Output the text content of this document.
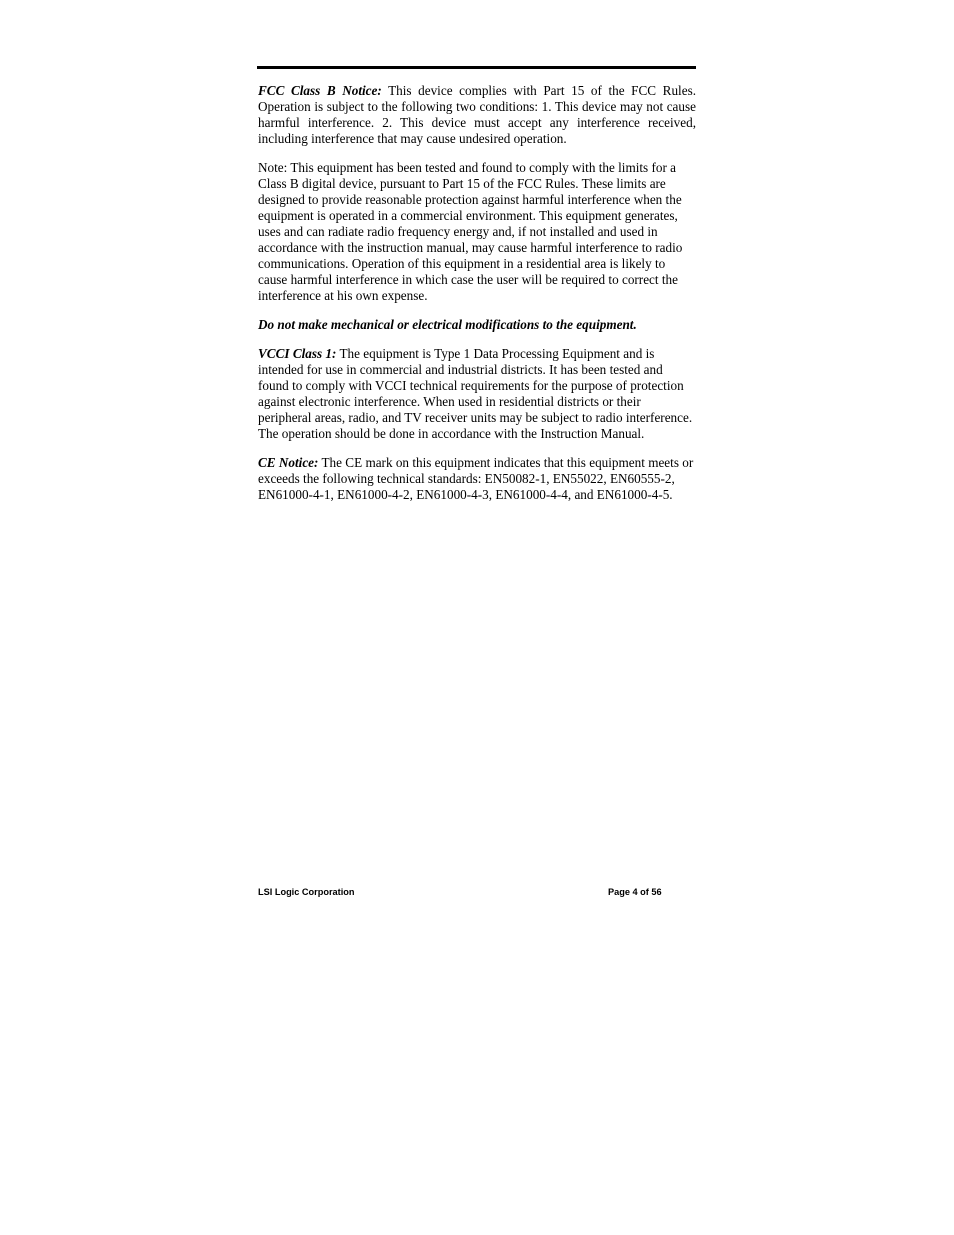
FCC Class B Notice: This device complies with Part 15 of the FCC Rules. Operation is subject to the following two conditions: 1. This device may not cause harmful interference. 2. This device must accept any interference received, including interference that may cause undesired operation.

Note: This equipment has been tested and found to comply with the limits for a Class B digital device, pursuant to Part 15 of the FCC Rules. These limits are designed to provide reasonable protection against harmful interference when the equipment is operated in a commercial environment. This equipment generates, uses and can radiate radio frequency energy and, if not installed and used in accordance with the instruction manual, may cause harmful interference to radio communications. Operation of this equipment in a residential area is likely to cause harmful interference in which case the user will be required to correct the interference at his own expense.

Do not make mechanical or electrical modifications to the equipment.

VCCI Class 1: The equipment is Type 1 Data Processing Equipment and is intended for use in commercial and industrial districts. It has been tested and found to comply with VCCI technical requirements for the purpose of protection against electronic interference. When used in residential districts or their peripheral areas, radio, and TV receiver units may be subject to radio interference. The operation should be done in accordance with the Instruction Manual.

CE Notice: The CE mark on this equipment indicates that this equipment meets or exceeds the following technical standards: EN50082-1, EN55022, EN60555-2, EN61000-4-1, EN61000-4-2, EN61000-4-3, EN61000-4-4, and EN61000-4-5.

LSI Logic Corporation	Page 4 of 56
